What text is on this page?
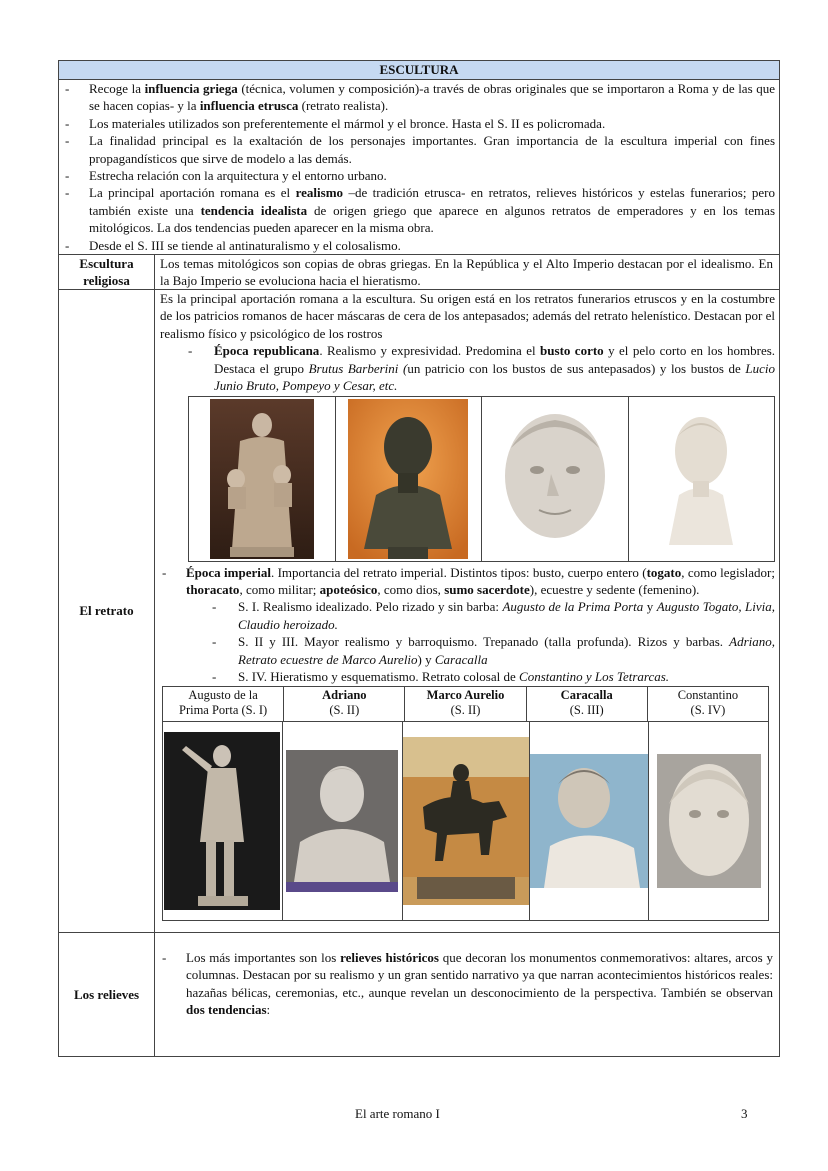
ESCULTURA
- Recoge la influencia griega (técnica, volumen y composición)-a través de obras originales que se importaron a Roma y de las que se hacen copias- y la influencia etrusca (retrato realista).
- Los materiales utilizados son preferentemente el mármol y el bronce. Hasta el S. II es policromada.
- La finalidad principal es la exaltación de los personajes importantes. Gran importancia de la escultura imperial con fines propagandísticos que sirve de modelo a las demás.
- Estrecha relación con la arquitectura y el entorno urbano.
- La principal aportación romana es el realismo –de tradición etrusca- en retratos, relieves históricos y estelas funerarios; pero también existe una tendencia idealista de origen griego que aparece en algunos retratos de emperadores y en los temas mitológicos. La dos tendencias pueden aparecer en la misma obra.
- Desde el S. III se tiende al antinaturalismo y el colosalismo.
Escultura religiosa
Los temas mitológicos son copias de obras griegas. En la República y el Alto Imperio destacan por el idealismo. En la Bajo Imperio se evoluciona hacia el hieratismo.
El retrato
Es la principal aportación romana a la escultura. Su origen está en los retratos funerarios etruscos y en la costumbre de los patricios romanos de hacer máscaras de cera de los antepasados; además del retrato helenístico. Destacan por el realismo físico y psicológico de los rostros
- Época republicana. Realismo y expresividad. Predomina el busto corto y el pelo corto en los hombres. Destaca el grupo Brutus Barberini (un patricio con los bustos de sus antepasados) y los bustos de Lucio Junio Bruto, Pompeyo y Cesar, etc.
- Época imperial. Importancia del retrato imperial. Distintos tipos: busto, cuerpo entero (togato, como legislador; thoracato, como militar; apoteósico, como dios, sumo sacerdote), ecuestre y sedente (femenino).
- S. I. Realismo idealizado. Pelo rizado y sin barba: Augusto de la Prima Porta y Augusto Togato, Livia, Claudio heroizado.
- S. II y III. Mayor realismo y barroquismo. Trepanado (talla profunda). Rizos y barbas. Adriano, Retrato ecuestre de Marco Aurelio) y Caracalla
- S. IV. Hieratismo y esquematismo. Retrato colosal de Constantino y Los Tetrarcas.
Augusto de la
Prima Porta (S. I)
Adriano
(S. II)
Marco Aurelio
(S. II)
Caracalla
(S. III)
Constantino
(S. IV)
Los relieves
- Los más importantes son los relieves históricos que decoran los monumentos conmemorativos: altares, arcos y columnas. Destacan por su realismo y un gran sentido narrativo ya que narran acontecimientos históricos reales: hazañas bélicas, ceremonias, etc., aunque revelan un desconocimiento de la perspectiva. También se observan dos tendencias:
El arte romano I	3
